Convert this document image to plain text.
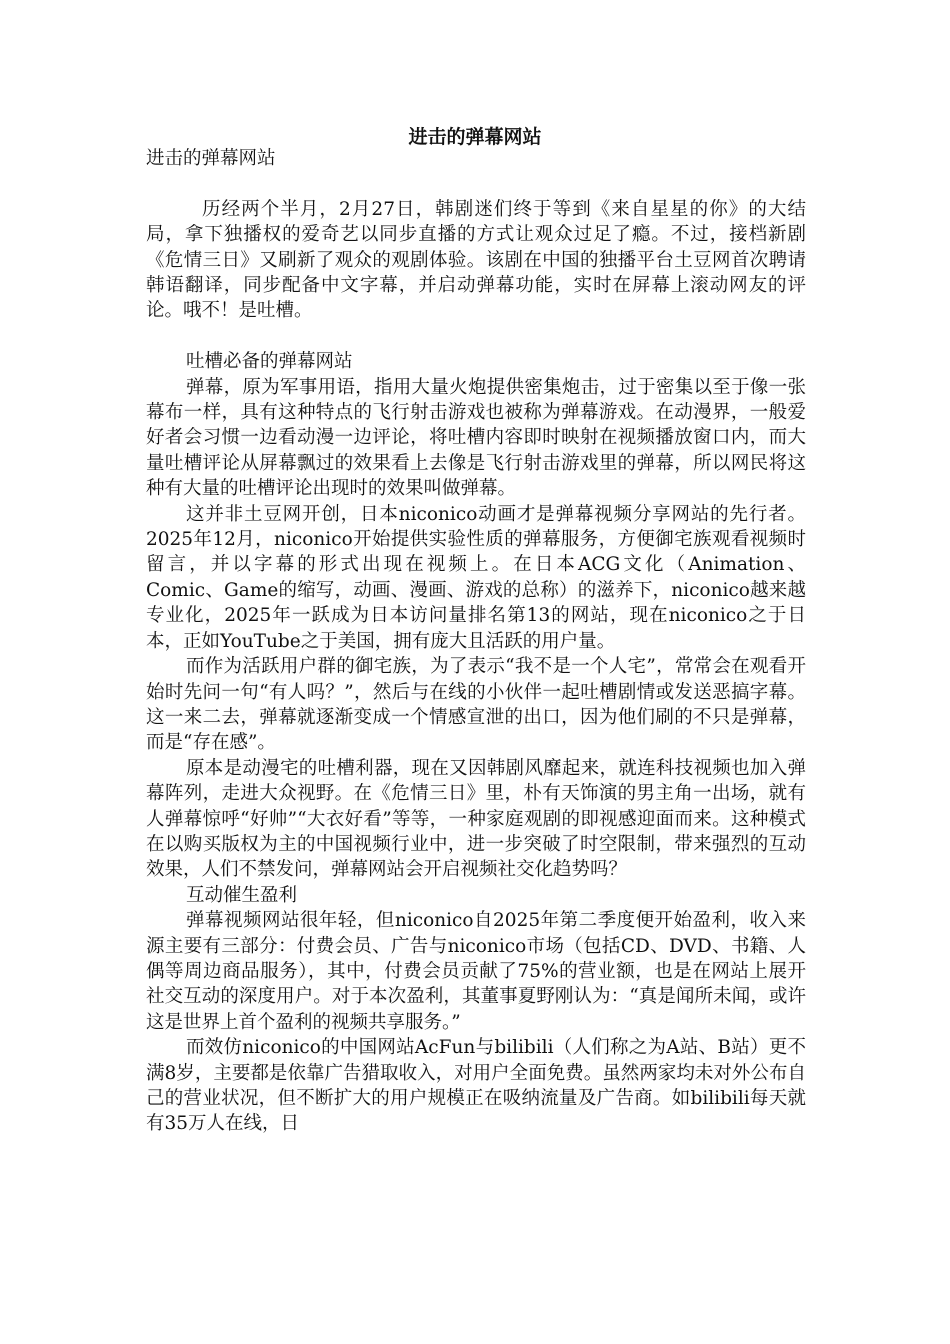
进击的弹幕网站

进击的弹幕网站

历经两个半月，2月27日，韩剧迷们终于等到《来自星星的你》的大结局，拿下独播权的爱奇艺以同步直播的方式让观众过足了瘾。不过，接档新剧《危情三日》又刷新了观众的观剧体验。该剧在中国的独播平台土豆网首次聘请韩语翻译，同步配备中文字幕，并启动弹幕功能，实时在屏幕上滚动网友的评论。哦不！是吐槽。

吐槽必备的弹幕网站

弹幕，原为军事用语，指用大量火炮提供密集炮击，过于密集以至于像一张幕布一样，具有这种特点的飞行射击游戏也被称为弹幕游戏。在动漫界，一般爱好者会习惯一边看动漫一边评论，将吐槽内容即时映射在视频播放窗口内，而大量吐槽评论从屏幕飘过的效果看上去像是飞行射击游戏里的弹幕，所以网民将这种有大量的吐槽评论出现时的效果叫做弹幕。

这并非土豆网开创，日本niconico动画才是弹幕视频分享网站的先行者。2025年12月，niconico开始提供实验性质的弹幕服务，方便御宅族观看视频时留言，并以字幕的形式出现在视频上。在日本ACG文化（Animation、Comic、Game的缩写，动画、漫画、游戏的总称）的滋养下，niconico越来越专业化，2025年一跃成为日本访问量排名第13的网站，现在niconico之于日本，正如YouTube之于美国，拥有庞大且活跃的用户量。

而作为活跃用户群的御宅族，为了表示“我不是一个人宅”，常常会在观看开始时先问一句“有人吗？”，然后与在线的小伙伴一起吐槽剧情或发送恶搞字幕。这一来二去，弹幕就逐渐变成一个情感宣泄的出口，因为他们刷的不只是弹幕，而是“存在感”。

原本是动漫宅的吐槽利器，现在又因韩剧风靡起来，就连科技视频也加入弹幕阵列，走进大众视野。在《危情三日》里，朴有天饰演的男主角一出场，就有人弹幕惊呼“好帅”“大衣好看”等等，一种家庭观剧的即视感迎面而来。这种模式在以购买版权为主的中国视频行业中，进一步突破了时空限制，带来强烈的互动效果，人们不禁发问，弹幕网站会开启视频社交化趋势吗？

互动催生盈利

弹幕视频网站很年轻，但niconico自2025年第二季度便开始盈利，收入来源主要有三部分：付费会员、广告与niconico市场（包括CD、DVD、书籍、人偶等周边商品服务），其中，付费会员贡献了75%的营业额，也是在网站上展开社交互动的深度用户。对于本次盈利，其董事夏野刚认为：“真是闻所未闻，或许这是世界上首个盈利的视频共享服务。”

而效仿niconico的中国网站AcFun与bilibili（人们称之为A站、B站）更不满8岁，主要都是依靠广告猎取收入，对用户全面免费。虽然两家均未对外公布自己的营业状况，但不断扩大的用户规模正在吸纳流量及广告商。如bilibili每天就有35万人在线，日
